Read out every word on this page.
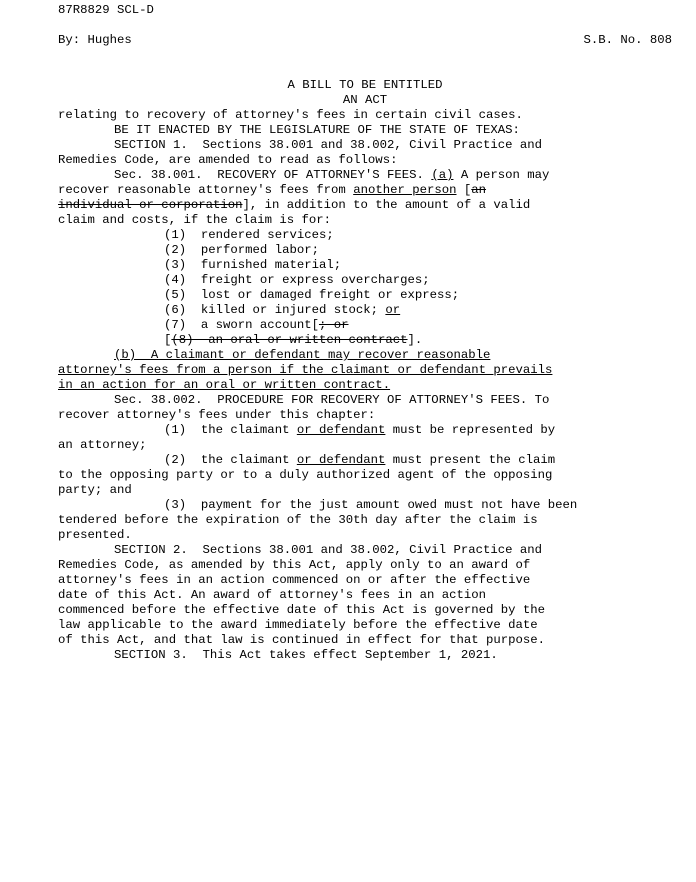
87R8829 SCL-D

By: Hughes

	S.B. No. 808

A BILL TO BE ENTITLED

AN ACT

relating to recovery of attorney's fees in certain civil cases.

BE IT ENACTED BY THE LEGISLATURE OF THE STATE OF TEXAS:

SECTION 1.  Sections 38.001 and 38.002, Civil Practice and

Remedies Code, are amended to read as follows:

Sec. 38.001.  RECOVERY OF ATTORNEY'S FEES. (a) A person may

recover reasonable attorney's fees from another person [an

individual or corporation], in addition to the amount of a valid

claim and costs, if the claim is for:

(1)  rendered services;

(2)  performed labor;

(3)  furnished material;

(4)  freight or express overcharges;

(5)  lost or damaged freight or express;

(6)  killed or injured stock; or

(7)  a sworn account[; or

[(8)  an oral or written contract].

(b)  A claimant or defendant may recover reasonable

attorney's fees from a person if the claimant or defendant prevails

in an action for an oral or written contract.

Sec. 38.002.  PROCEDURE FOR RECOVERY OF ATTORNEY'S FEES. To

recover attorney's fees under this chapter:

(1)  the claimant or defendant must be represented by

an attorney;

(2)  the claimant or defendant must present the claim

to the opposing party or to a duly authorized agent of the opposing

party; and

(3)  payment for the just amount owed must not have been

tendered before the expiration of the 30th day after the claim is

presented.

SECTION 2.  Sections 38.001 and 38.002, Civil Practice and

Remedies Code, as amended by this Act, apply only to an award of

attorney's fees in an action commenced on or after the effective

date of this Act. An award of attorney's fees in an action

commenced before the effective date of this Act is governed by the

law applicable to the award immediately before the effective date

of this Act, and that law is continued in effect for that purpose.

SECTION 3.  This Act takes effect September 1, 2021.
